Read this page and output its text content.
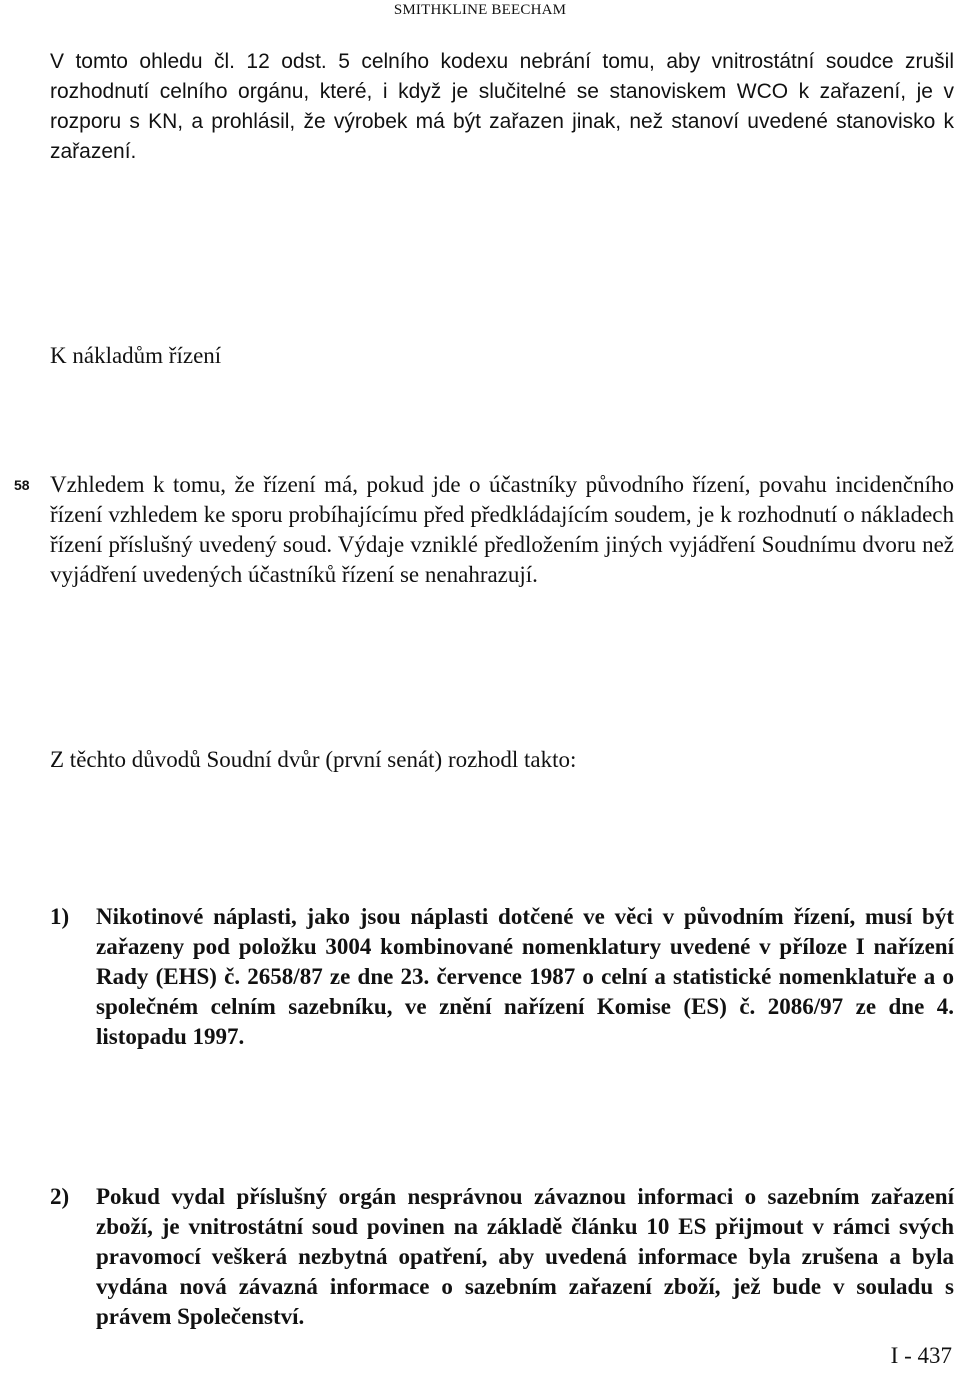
SMITHKLINE BEECHAM
V tomto ohledu čl. 12 odst. 5 celního kodexu nebrání tomu, aby vnitrostátní soudce zrušil rozhodnutí celního orgánu, které, i když je slučitelné se stanoviskem WCO k zařazení, je v rozporu s KN, a prohlásil, že výrobek má být zařazen jinak, než stanoví uvedené stanovisko k zařazení.
K nákladům řízení
58 Vzhledem k tomu, že řízení má, pokud jde o účastníky původního řízení, povahu incidenčního řízení vzhledem ke sporu probíhajícímu před předkládajícím soudem, je k rozhodnutí o nákladech řízení příslušný uvedený soud. Výdaje vzniklé předložením jiných vyjádření Soudnímu dvoru než vyjádření uvedených účastníků řízení se nenahrazují.
Z těchto důvodů Soudní dvůr (první senát) rozhodl takto:
1)	Nikotinové náplasti, jako jsou náplasti dotčené ve věci v původním řízení, musí být zařazeny pod položku 3004 kombinované nomenklatury uvedené v příloze I nařízení Rady (EHS) č. 2658/87 ze dne 23. července 1987 o celní a statistické nomenklatuře a o společném celním sazebníku, ve znění nařízení Komise (ES) č. 2086/97 ze dne 4. listopadu 1997.
2)	Pokud vydal příslušný orgán nesprávnou závaznou informaci o sazebním zařazení zboží, je vnitrostátní soud povinen na základě článku 10 ES přijmout v rámci svých pravomocí veškerá nezbytná opatření, aby uvedená informace byla zrušena a byla vydána nová závazná informace o sazebním zařazení zboží, jež bude v souladu s právem Společenství.
I - 437
